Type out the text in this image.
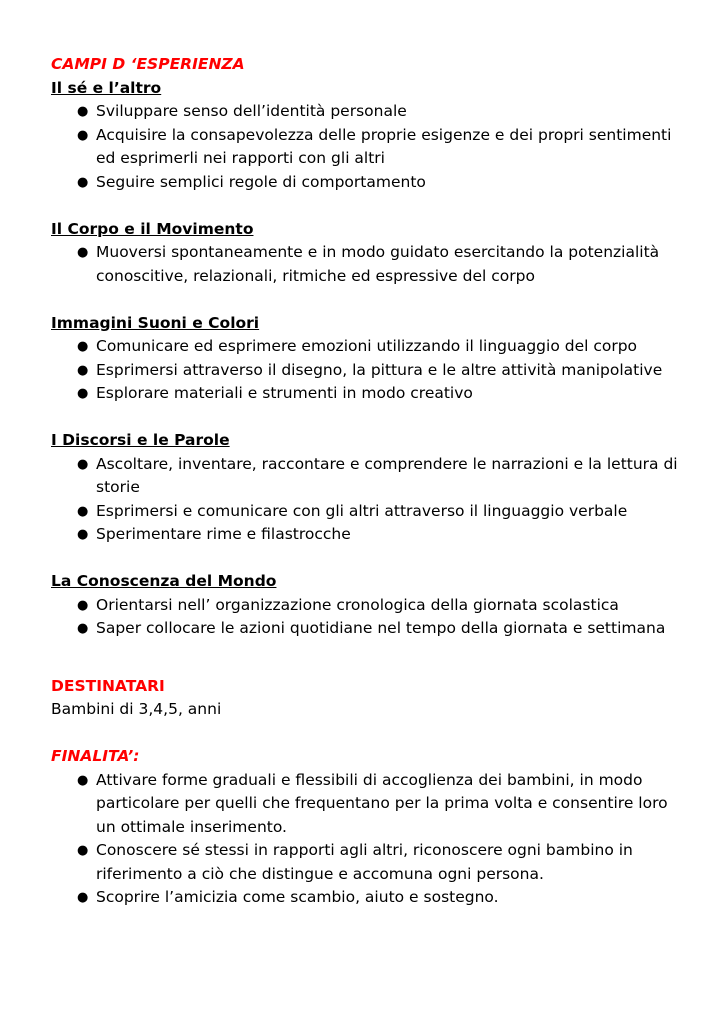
CAMPI D ‘ESPERIENZA

Il sé e l’altro

● Sviluppare senso dell’identità personale
● Acquisire la consapevolezza delle proprie esigenze e dei propri sentimenti ed esprimerli nei rapporti con gli altri
● Seguire semplici regole di comportamento

Il Corpo e il Movimento

● Muoversi spontaneamente e in modo guidato esercitando la potenzialità conoscitive, relazionali, ritmiche ed espressive del corpo

Immagini Suoni e Colori

● Comunicare ed esprimere emozioni utilizzando il linguaggio del corpo
● Esprimersi attraverso il disegno, la pittura e le altre attività manipolative
● Esplorare materiali e strumenti in modo creativo

I Discorsi e le Parole

● Ascoltare, inventare, raccontare e comprendere le narrazioni e la lettura di storie
● Esprimersi e comunicare con gli altri attraverso il linguaggio verbale
● Sperimentare rime e filastrocche

La Conoscenza del Mondo

● Orientarsi nell’ organizzazione cronologica della giornata scolastica
● Saper collocare le azioni quotidiane nel tempo della giornata e settimana

DESTINATARI

Bambini di 3,4,5, anni

FINALITA’:

● Attivare forme graduali e flessibili di accoglienza dei bambini, in modo particolare per quelli che frequentano per la prima volta e consentire loro un ottimale inserimento.
● Conoscere sé stessi in rapporti agli altri, riconoscere ogni bambino in riferimento a ciò che distingue e accomuna ogni persona.
● Scoprire l’amicizia come scambio, aiuto e sostegno.
